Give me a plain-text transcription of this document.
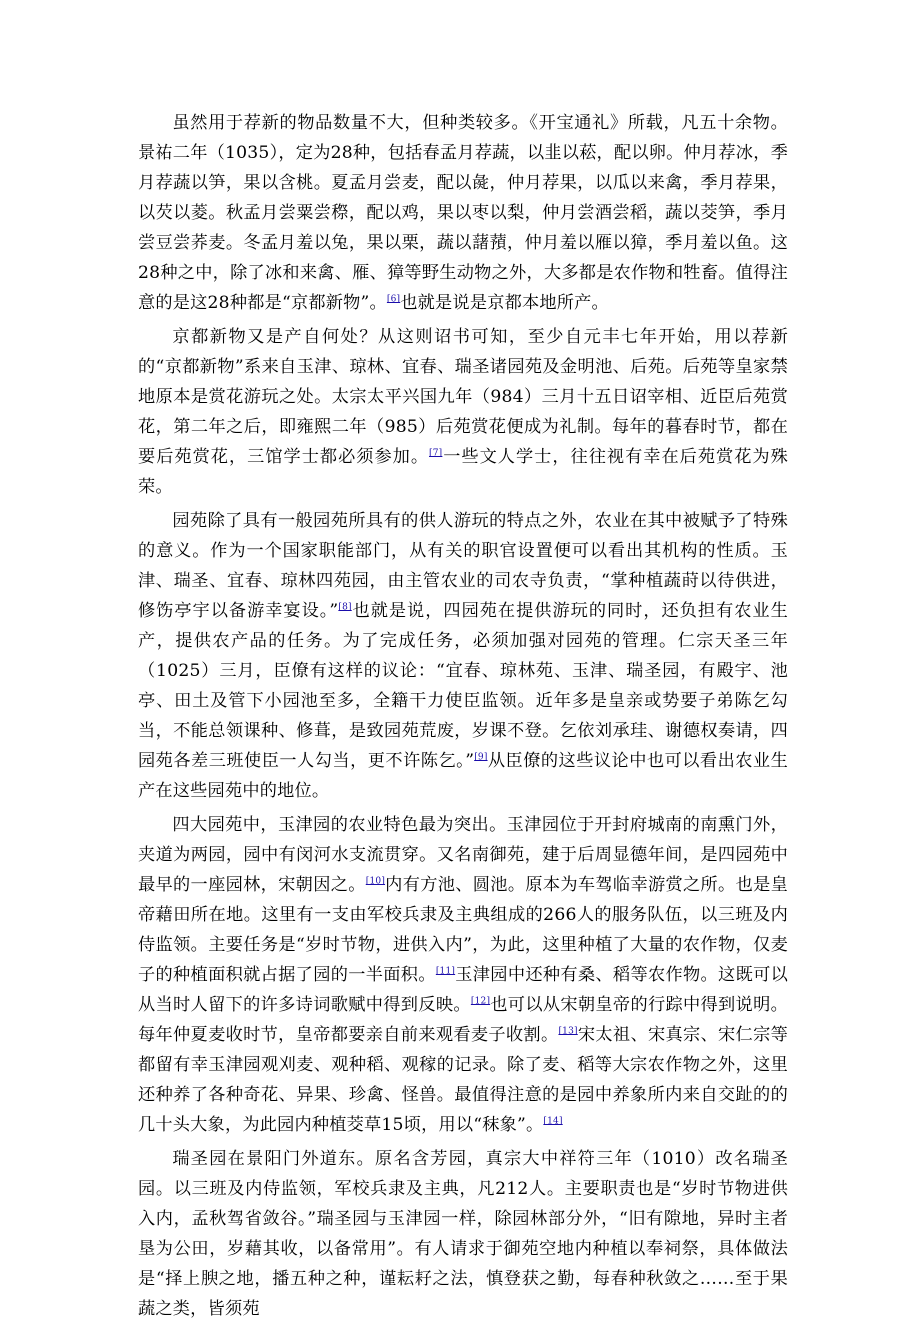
虽然用于荐新的物品数量不大，但种类较多。《开宝通礼》所载，凡五十余物。景祐二年（1035），定为28种，包括春孟月荐蔬，以韭以菘，配以卵。仲月荐冰，季月荐蔬以笋，果以含桃。夏孟月尝麦，配以彘，仲月荐果，以瓜以来禽，季月荐果，以芡以菱。秋孟月尝粟尝穄，配以鸡，果以枣以梨，仲月尝酒尝稻，蔬以茭笋，季月尝豆尝荞麦。冬孟月羞以兔，果以栗，蔬以藷蕷，仲月羞以雁以獐，季月羞以鱼。这28种之中，除了冰和来禽、雁、獐等野生动物之外，大多都是农作物和牲畜。值得注意的是这28种都是“京都新物”。[6]也就是说是京都本地所产。

京都新物又是产自何处？从这则诏书可知，至少自元丰七年开始，用以荐新的“京都新物”系来自玉津、琼林、宜春、瑞圣诸园苑及金明池、后苑。后苑等皇家禁地原本是赏花游玩之处。太宗太平兴国九年（984）三月十五日诏宰相、近臣后苑赏花，第二年之后，即雍熙二年（985）后苑赏花便成为礼制。每年的暮春时节，都在要后苑赏花，三馆学士都必须参加。[7]一些文人学士，往往视有幸在后苑赏花为殊荣。

园苑除了具有一般园苑所具有的供人游玩的特点之外，农业在其中被赋予了特殊的意义。作为一个国家职能部门，从有关的职官设置便可以看出其机构的性质。玉津、瑞圣、宜春、琼林四苑园，由主管农业的司农寺负责，“掌种植蔬莳以待供进，修饬亭宇以备游幸宴设。”[8]也就是说，四园苑在提供游玩的同时，还负担有农业生产，提供农产品的任务。为了完成任务，必须加强对园苑的管理。仁宗天圣三年（1025）三月，臣僚有这样的议论：“宜春、琼林苑、玉津、瑞圣园，有殿宇、池亭、田土及管下小园池至多，全籍干力使臣监领。近年多是皇亲或势要子弟陈乞勾当，不能总领课种、修葺，是致园苑荒废，岁课不登。乞依刘承珪、谢德权奏请，四园苑各差三班使臣一人勾当，更不许陈乞。”[9]从臣僚的这些议论中也可以看出农业生产在这些园苑中的地位。

四大园苑中，玉津园的农业特色最为突出。玉津园位于开封府城南的南熏门外，夹道为两园，园中有闵河水支流贯穿。又名南御苑，建于后周显德年间，是四园苑中最早的一座园林，宋朝因之。[10]内有方池、圆池。原本为车驾临幸游赏之所。也是皇帝藉田所在地。这里有一支由军校兵隶及主典组成的266人的服务队伍，以三班及内侍监领。主要任务是“岁时节物，进供入内”，为此，这里种植了大量的农作物，仅麦子的种植面积就占据了园的一半面积。[11]玉津园中还种有桑、稻等农作物。这既可以从当时人留下的许多诗词歌赋中得到反映。[12]也可以从宋朝皇帝的行踪中得到说明。每年仲夏麦收时节，皇帝都要亲自前来观看麦子收割。[13]宋太祖、宋真宗、宋仁宗等都留有幸玉津园观刈麦、观种稻、观稼的记录。除了麦、稻等大宗农作物之外，这里还种养了各种奇花、异果、珍禽、怪兽。最值得注意的是园中养象所内来自交趾的的几十头大象，为此园内种植茭草15顷，用以“秣象”。[14]

瑞圣园在景阳门外道东。原名含芳园，真宗大中祥符三年（1010）改名瑞圣园。以三班及内侍监领，军校兵隶及主典，凡212人。主要职责也是“岁时节物进供入内，孟秋驾省敛谷。”瑞圣园与玉津园一样，除园林部分外，“旧有隙地，异时主者垦为公田，岁藉其收，以备常用”。有人请求于御苑空地内种植以奉祠祭，具体做法是“择上腴之地，播五种之种，谨耘耔之法，慎登获之勤，每春种秋敛之……至于果蔬之类，皆须苑
